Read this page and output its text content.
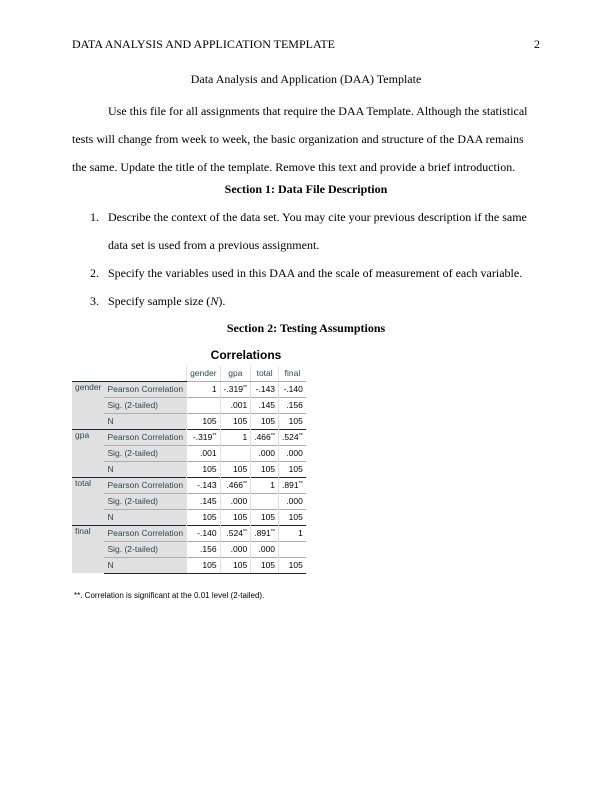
DATA ANALYSIS AND APPLICATION TEMPLATE	2
Data Analysis and Application (DAA) Template

Use this file for all assignments that require the DAA Template. Although the statistical tests will change from week to week, the basic organization and structure of the DAA remains the same. Update the title of the template. Remove this text and provide a brief introduction.

Section 1: Data File Description
1. Describe the context of the data set. You may cite your previous description if the same data set is used from a previous assignment.
2. Specify the variables used in this DAA and the scale of measurement of each variable.
3. Specify sample size (N).
Section 2: Testing Assumptions
Correlations
		gender	gpa	total	final
gender	Pearson Correlation	1	-.319**	-.143	-.140
	Sig. (2-tailed)		.001	.145	.156
	N	105	105	105	105
gpa	Pearson Correlation	-.319**	1	.466**	.524**
	Sig. (2-tailed)	.001		.000	.000
	N	105	105	105	105
total	Pearson Correlation	-.143	.466**	1	.891**
	Sig. (2-tailed)	.145	.000		.000
	N	105	105	105	105
final	Pearson Correlation	-.140	.524**	.891**	1
	Sig. (2-tailed)	.156	.000	.000	
	N	105	105	105	105
**. Correlation is significant at the 0.01 level (2-tailed).
